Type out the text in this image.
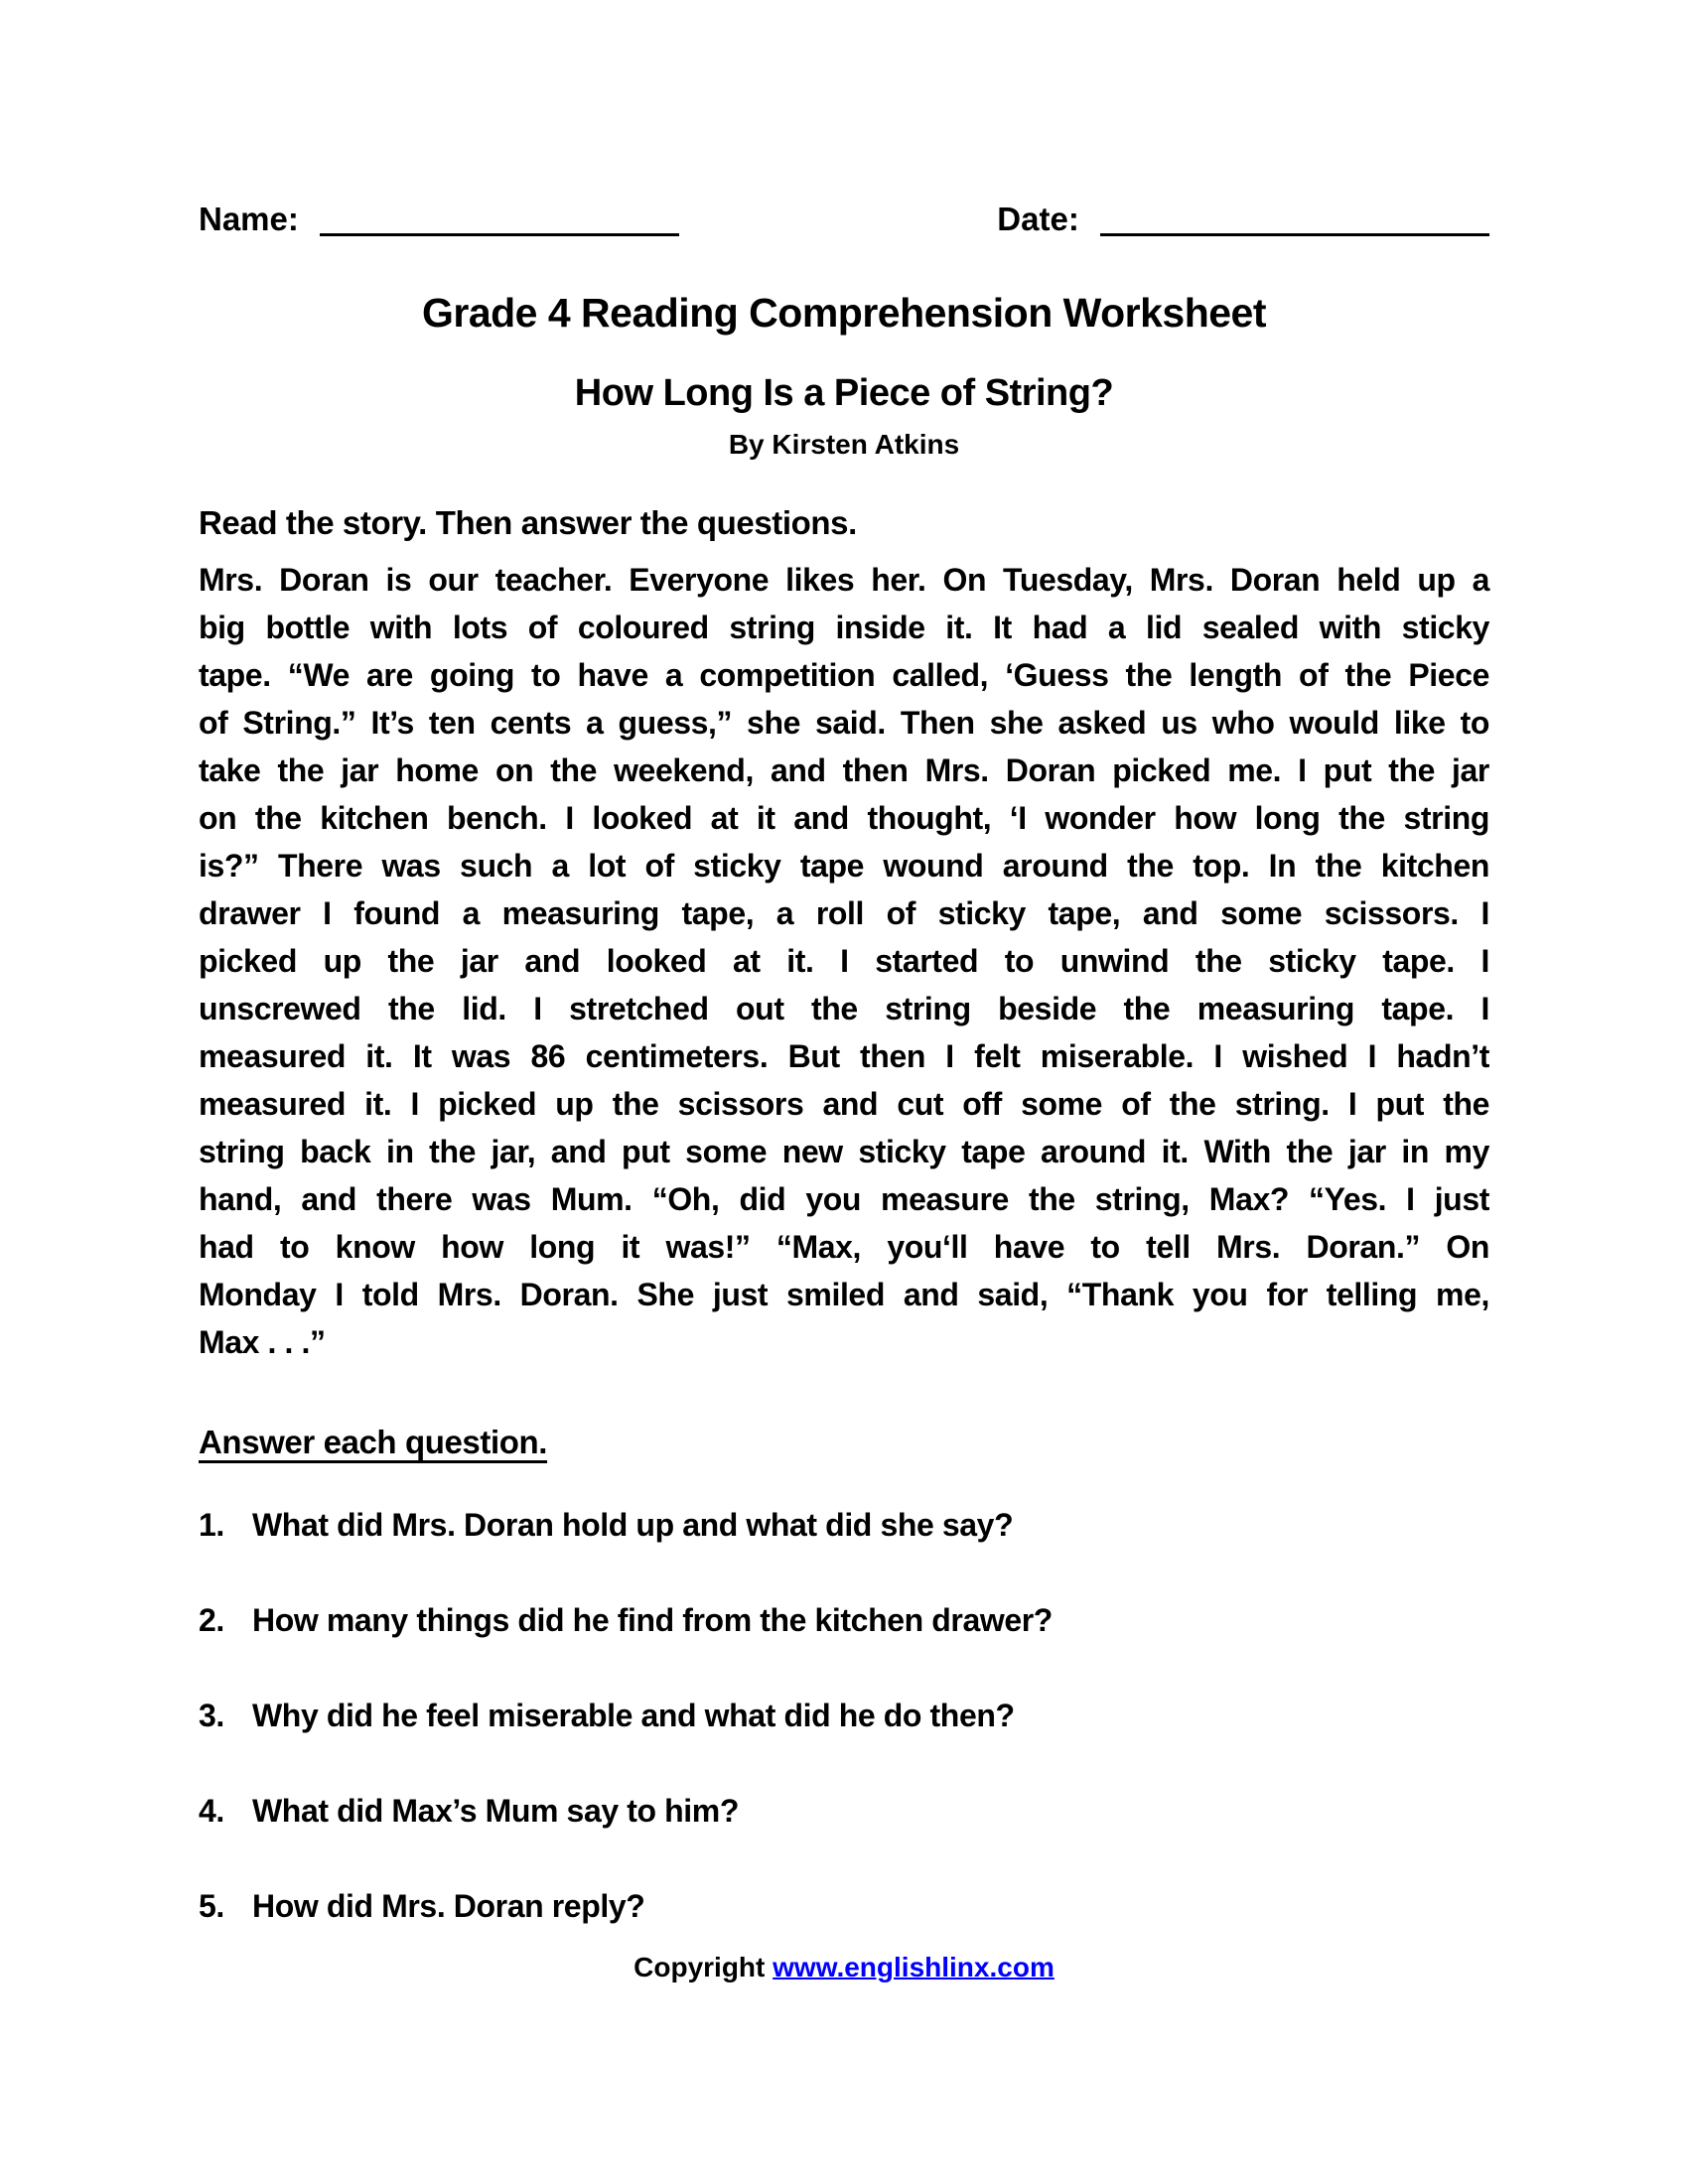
Name:	Date:
Grade 4 Reading Comprehension Worksheet
How Long Is a Piece of String?
By Kirsten Atkins
Read the story. Then answer the questions.
Mrs. Doran is our teacher. Everyone likes her. On Tuesday, Mrs. Doran held up a
big bottle with lots of coloured string inside it. It had a lid sealed with sticky
tape. “We are going to have a competition called, ‘Guess the length of the Piece
of String.” It’s ten cents a guess,” she said. Then she asked us who would like to
take the jar home on the weekend, and then Mrs. Doran picked me. I put the jar
on the kitchen bench. I looked at it and thought, ‘I wonder how long the string
is?” There was such a lot of sticky tape wound around the top. In the kitchen
drawer I found a measuring tape, a roll of sticky tape, and some scissors. I
picked up the jar and looked at it. I started to unwind the sticky tape. I
unscrewed the lid. I stretched out the string beside the measuring tape. I
measured it. It was 86 centimeters. But then I felt miserable. I wished I hadn’t
measured it. I picked up the scissors and cut off some of the string. I put the
string back in the jar, and put some new sticky tape around it. With the jar in my
hand, and there was Mum. “Oh, did you measure the string, Max? “Yes. I just
had to know how long it was!” “Max, you‘ll have to tell Mrs. Doran.” On
Monday I told Mrs. Doran. She just smiled and said, “Thank you for telling me,
Max . . .”
Answer each question.
1. What did Mrs. Doran hold up and what did she say?
2. How many things did he find from the kitchen drawer?
3. Why did he feel miserable and what did he do then?
4. What did Max’s Mum say to him?
5. How did Mrs. Doran reply?
Copyright www.englishlinx.com
